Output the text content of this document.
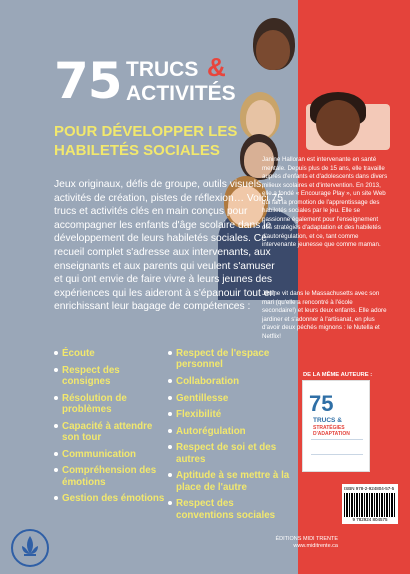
75 TRUCS &
ACTIVITÉS
POUR DÉVELOPPER LES HABILETÉS SOCIALES
Jeux originaux, défis de groupe, outils visuels, activités de création, pistes de réflexion… Voici 75 trucs et activités clés en main conçus pour accompagner les enfants d'âge scolaire dans le développement de leurs habiletés sociales. Ce recueil complet s'adresse aux intervenants, aux enseignants et aux parents qui veulent s'amuser et qui ont envie de faire vivre à leurs jeunes des expériences qui les aideront à s'épanouir tout en enrichissant leur bagage de compétences :
Écoute
Respect des consignes
Résolution de problèmes
Capacité à attendre son tour
Communication
Compréhension des émotions
Gestion des émotions
Respect de l'espace personnel
Collaboration
Gentillesse
Flexibilité
Autorégulation
Respect de soi et des autres
Aptitude à se mettre à la place de l'autre
Respect des conventions sociales
Janine Halloran est intervenante en santé mentale. Depuis plus de 15 ans, elle travaille auprès d'enfants et d'adolescents dans divers milieux scolaires et d'intervention. En 2013, elle a fondé « Encourage Play », un site Web qui fait la promotion de l'apprentissage des habiletés sociales par le jeu. Elle se passionne également pour l'enseignement des stratégies d'adaptation et des habiletés d'autorégulation, et ce, tant comme intervenante jeunesse que comme maman.
Janine vit dans le Massachusetts avec son mari (qu'elle a rencontré à l'école secondaire!) et leurs deux enfants. Elle adore jardiner et s'adonner à l'artisanat, en plus d'avoir deux péchés mignons : le Nutella et Netflix!
DE LA MÊME AUTEURE :
75
TRUCS &
STRATÉGIES D'ADAPTATION
ISBN 978-2-924804-57-5
9 782924 804575
ÉDITIONS MIDI TRENTE
www.miditrente.ca
